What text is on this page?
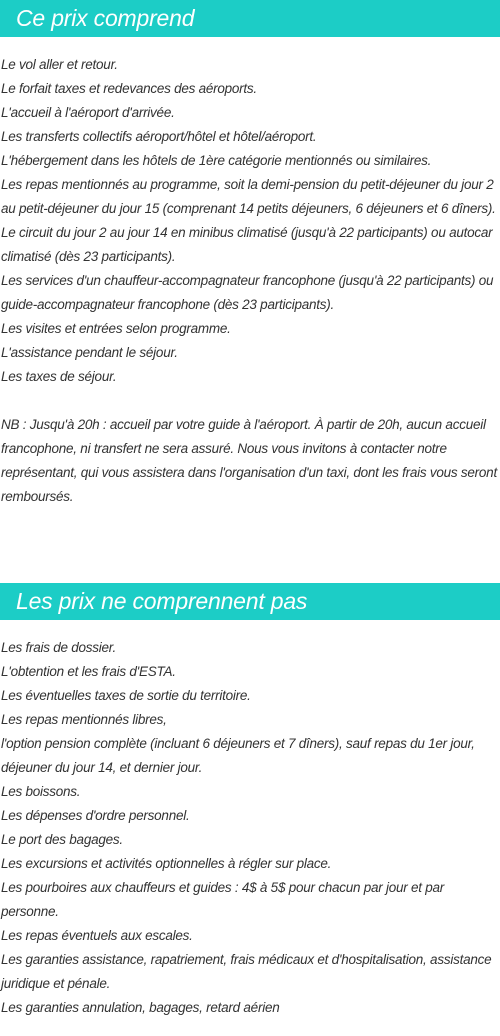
Ce prix comprend

Le vol aller et retour.

Le forfait taxes et redevances des aéroports.

L'accueil à l'aéroport d'arrivée.

Les transferts collectifs aéroport/hôtel et hôtel/aéroport.

L'hébergement dans les hôtels de 1ère catégorie mentionnés ou similaires.

Les repas mentionnés au programme, soit la demi-pension du petit-déjeuner du jour 2 au petit-déjeuner du jour 15 (comprenant 14 petits déjeuners, 6 déjeuners et 6 dîners).

Le circuit du jour 2 au jour 14 en minibus climatisé (jusqu'à 22 participants) ou autocar climatisé (dès 23 participants).

Les services d'un chauffeur-accompagnateur francophone (jusqu'à 22 participants) ou guide-accompagnateur francophone (dès 23 participants).

Les visites et entrées selon programme.

L'assistance pendant le séjour.

Les taxes de séjour.

NB : Jusqu'à 20h : accueil par votre guide à l'aéroport. À partir de 20h, aucun accueil francophone, ni transfert ne sera assuré. Nous vous invitons à contacter notre représentant, qui vous assistera dans l'organisation d'un taxi, dont les frais vous seront remboursés.

Les prix ne comprennent pas

Les frais de dossier.

L'obtention et les frais d'ESTA.

Les éventuelles taxes de sortie du territoire.

Les repas mentionnés libres,

l'option pension complète (incluant 6 déjeuners et 7 dîners), sauf repas du 1er jour, déjeuner du jour 14, et dernier jour.

Les boissons.

Les dépenses d'ordre personnel.

Le port des bagages.

Les excursions et activités optionnelles à régler sur place.

Les pourboires aux chauffeurs et guides : 4$ à 5$ pour chacun par jour et par personne.

Les repas éventuels aux escales.

Les garanties assistance, rapatriement, frais médicaux et d'hospitalisation, assistance juridique et pénale.

Les garanties annulation, bagages, retard aérien
